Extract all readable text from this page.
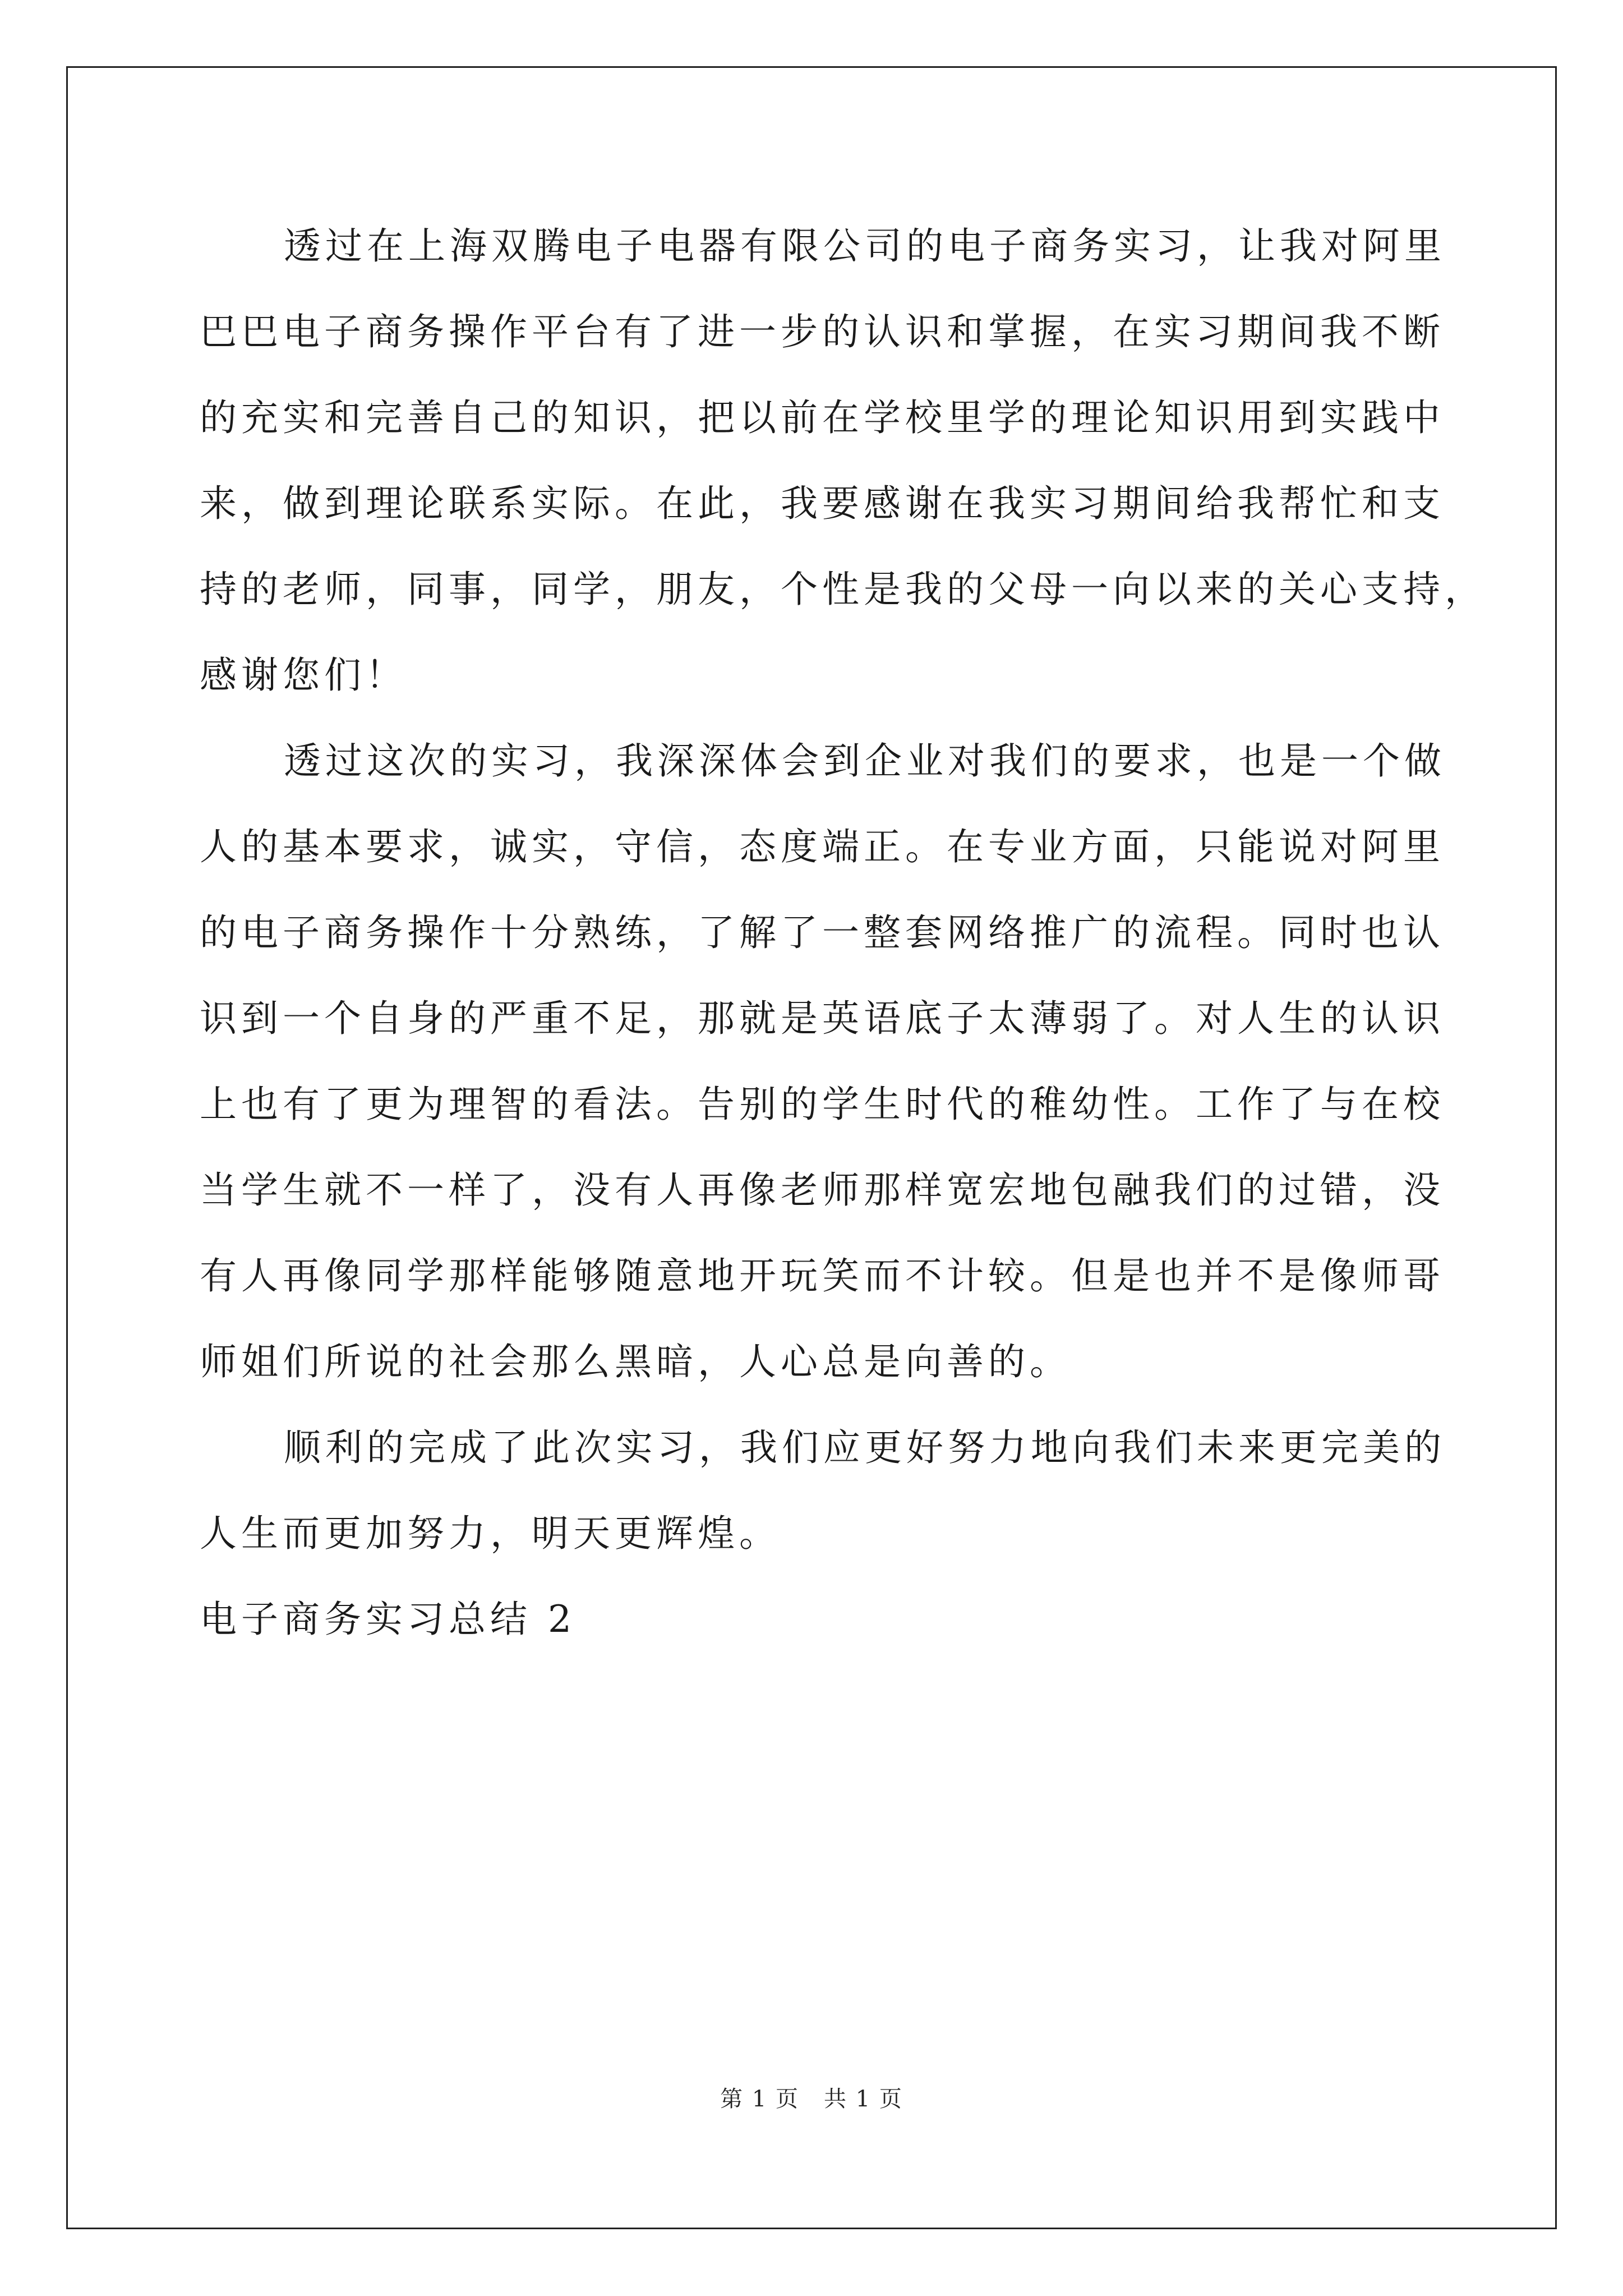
透过在上海双腾电子电器有限公司的电子商务实习，让我对阿里
巴巴电子商务操作平台有了进一步的认识和掌握，在实习期间我不断
的充实和完善自己的知识，把以前在学校里学的理论知识用到实践中
来，做到理论联系实际。在此，我要感谢在我实习期间给我帮忙和支
持的老师，同事，同学，朋友，个性是我的父母一向以来的关心支持，
感谢您们！

透过这次的实习，我深深体会到企业对我们的要求，也是一个做
人的基本要求，诚实，守信，态度端正。在专业方面，只能说对阿里
的电子商务操作十分熟练，了解了一整套网络推广的流程。同时也认
识到一个自身的严重不足，那就是英语底子太薄弱了。对人生的认识
上也有了更为理智的看法。告别的学生时代的稚幼性。工作了与在校
当学生就不一样了，没有人再像老师那样宽宏地包融我们的过错，没
有人再像同学那样能够随意地开玩笑而不计较。但是也并不是像师哥
师姐们所说的社会那么黑暗，人心总是向善的。

顺利的完成了此次实习，我们应更好努力地向我们未来更完美的
人生而更加努力，明天更辉煌。

电子商务实习总结 2

第 1 页 共 1 页
